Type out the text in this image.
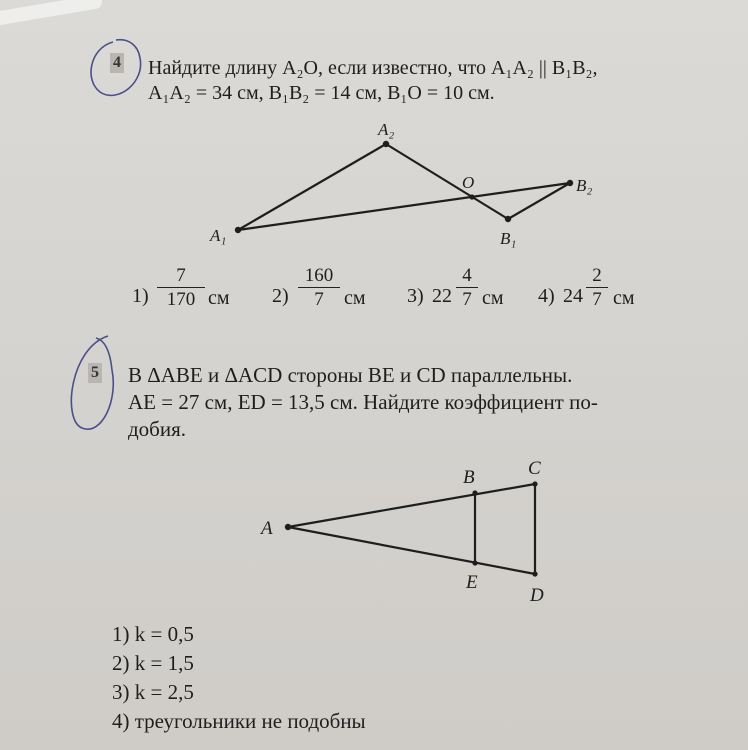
4 Найдите длину A₂O, если известно, что A₁A₂ || B₁B₂,
A₁A₂ = 34 см, B₁B₂ = 14 см, B₁O = 10 см.
A₂
O	B₂
A₁	B₁
$1) \frac{7}{170}$ см $2) \frac{160}{7}$ см 3) $22 \frac{4}{7}$ см 4) $24 \frac{2}{7}$ см
5 В ΔABE и ΔACD стороны BE и CD параллельны.
AE = 27 см, ED = 13,5 см. Найдите коэффициент по-
добия.
A
B	C
E
D
1) k = 0,5
2) k = 1,5
3) k = 2,5
4) треугольники не подобны
